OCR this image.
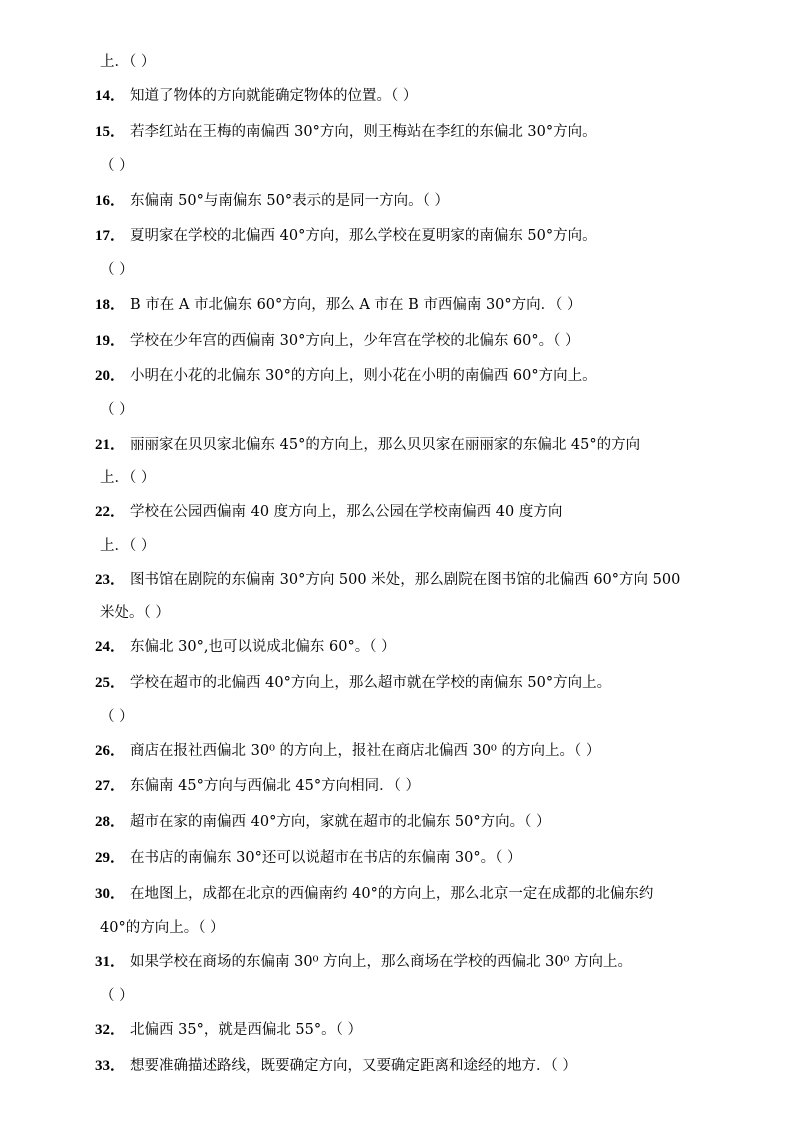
上．（ ）
14． 知道了物体的方向就能确定物体的位置。（ ）
15． 若李红站在王梅的南偏西 30°方向，则王梅站在李红的东偏北 30°方向。
（ ）
16． 东偏南 50°与南偏东 50°表示的是同一方向。（ ）
17． 夏明家在学校的北偏西 40°方向，那么学校在夏明家的南偏东 50°方向。
（ ）
18． B 市在 A 市北偏东 60°方向，那么 A 市在 B 市西偏南 30°方向．（ ）
19． 学校在少年宫的西偏南 30°方向上，少年宫在学校的北偏东 60°。（ ）
20． 小明在小花的北偏东 30°的方向上，则小花在小明的南偏西 60°方向上。
（ ）
21． 丽丽家在贝贝家北偏东 45°的方向上，那么贝贝家在丽丽家的东偏北 45°的方向
上．（ ）
22． 学校在公园西偏南 40 度方向上，那么公园在学校南偏西 40 度方向
上．（ ）
23． 图书馆在剧院的东偏南 30°方向 500 米处，那么剧院在图书馆的北偏西 60°方向 500
米处。（ ）
24． 东偏北 30°,也可以说成北偏东 60°。（ ）
25． 学校在超市的北偏西 40°方向上，那么超市就在学校的南偏东 50°方向上。
（ ）
26． 商店在报社西偏北 30⁰ 的方向上，报社在商店北偏西 30⁰ 的方向上。（ ）
27． 东偏南 45°方向与西偏北 45°方向相同．（ ）
28． 超市在家的南偏西 40°方向，家就在超市的北偏东 50°方向。（ ）
29． 在书店的南偏东 30°还可以说超市在书店的东偏南 30°。（ ）
30． 在地图上，成都在北京的西偏南约 40°的方向上，那么北京一定在成都的北偏东约
40°的方向上。（ ）
31． 如果学校在商场的东偏南 30⁰ 方向上，那么商场在学校的西偏北 30⁰ 方向上。
（ ）
32． 北偏西 35°，就是西偏北 55°。（ ）
33． 想要准确描述路线，既要确定方向，又要确定距离和途经的地方．（ ）
